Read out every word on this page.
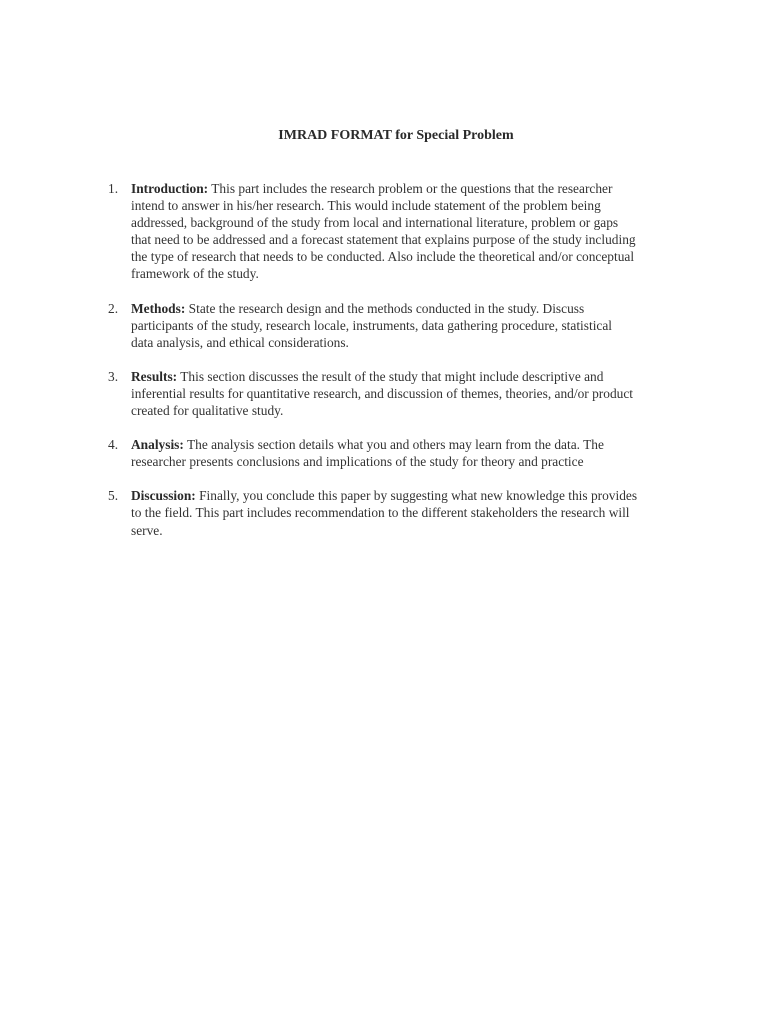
IMRAD FORMAT for Special Problem
1. Introduction: This part includes the research problem or the questions that the researcher
intend to answer in his/her research. This would include statement of the problem being
addressed, background of the study from local and international literature, problem or gaps
that need to be addressed and a forecast statement that explains purpose of the study including
the type of research that needs to be conducted. Also include the theoretical and/or conceptual
framework of the study.
2. Methods: State the research design and the methods conducted in the study. Discuss
participants of the study, research locale, instruments, data gathering procedure, statistical
data analysis, and ethical considerations.
3. Results: This section discusses the result of the study that might include descriptive and
inferential results for quantitative research, and discussion of themes, theories, and/or product
created for qualitative study.
4. Analysis: The analysis section details what you and others may learn from the data. The
researcher presents conclusions and implications of the study for theory and practice
5. Discussion: Finally, you conclude this paper by suggesting what new knowledge this provides
to the field. This part includes recommendation to the different stakeholders the research will
serve.
